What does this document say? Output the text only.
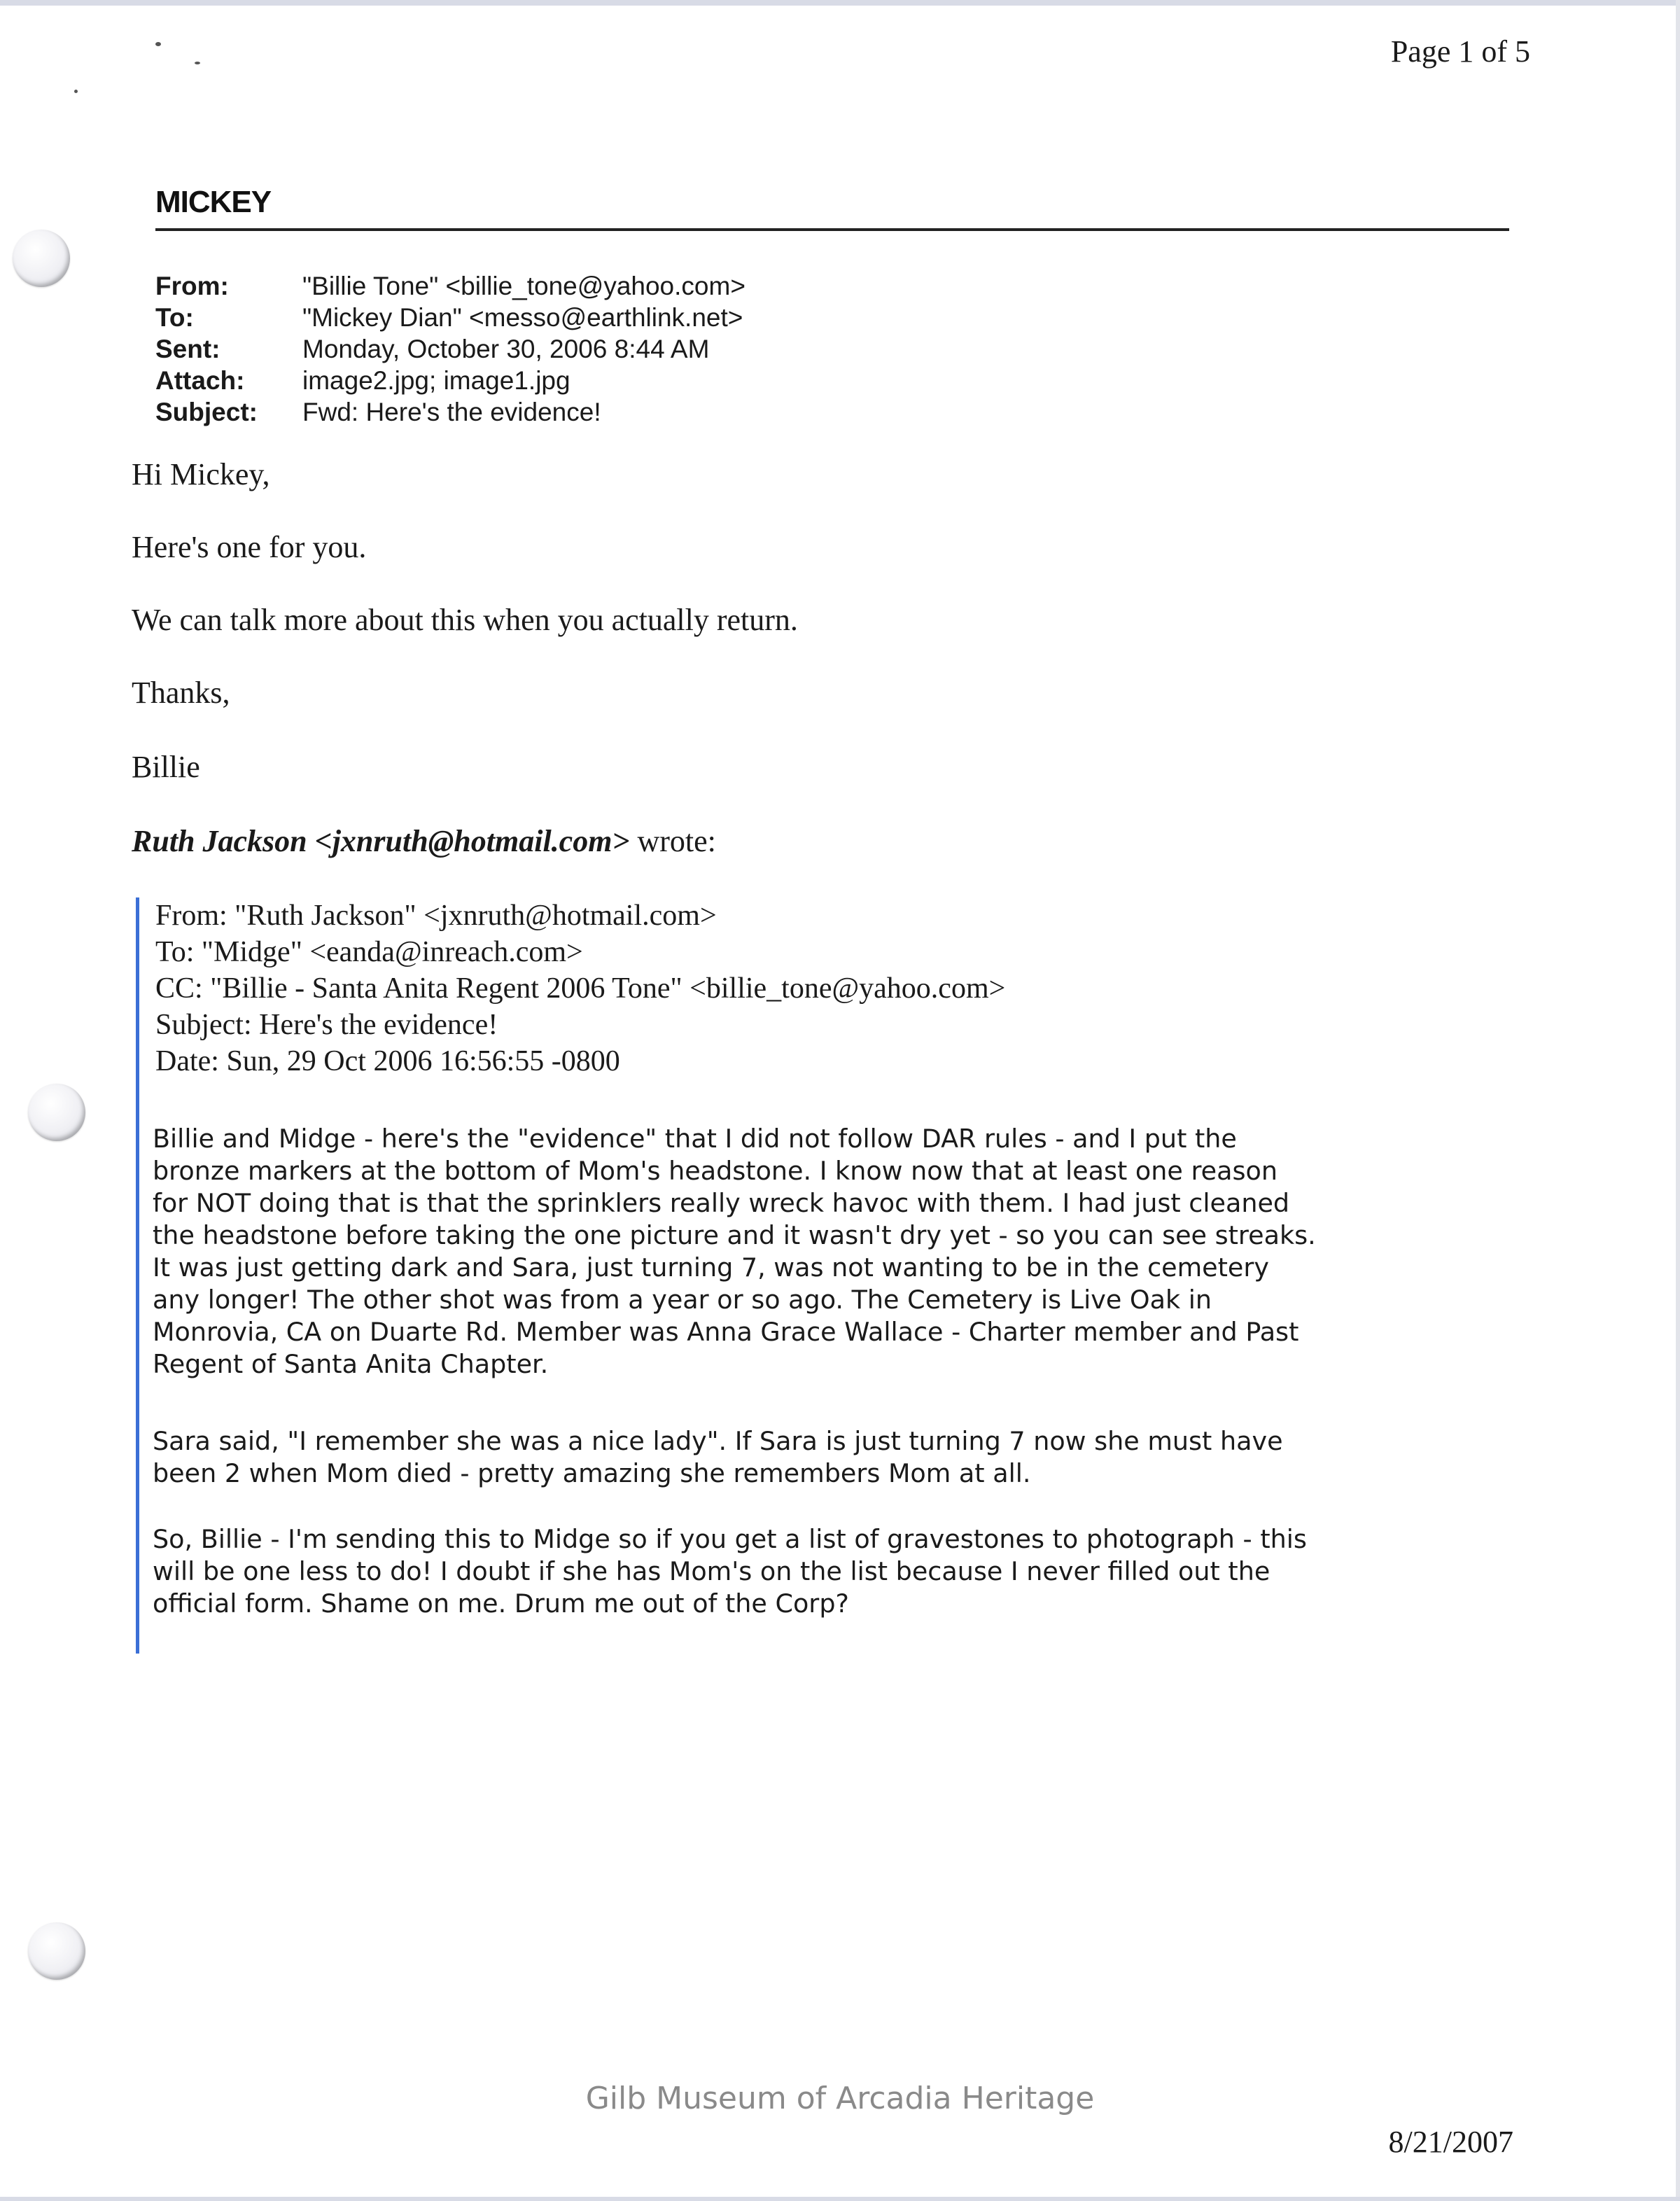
Page 1 of 5
MICKEY
From:	"Billie Tone" <billie_tone@yahoo.com>
To:	"Mickey Dian" <messo@earthlink.net>
Sent:	Monday, October 30, 2006 8:44 AM
Attach:	image2.jpg; image1.jpg
Subject:	Fwd: Here's the evidence!
Hi Mickey,
Here's one for you.
We can talk more about this when you actually return.
Thanks,
Billie
Ruth Jackson <jxnruth@hotmail.com> wrote:
From: "Ruth Jackson" <jxnruth@hotmail.com>
To: "Midge" <eanda@inreach.com>
CC: "Billie - Santa Anita Regent 2006 Tone" <billie_tone@yahoo.com>
Subject: Here's the evidence!
Date: Sun, 29 Oct 2006 16:56:55 -0800
Billie and Midge - here's the "evidence" that I did not follow DAR rules - and I put the
bronze markers at the bottom of Mom's headstone. I know now that at least one reason
for NOT doing that is that the sprinklers really wreck havoc with them. I had just cleaned
the headstone before taking the one picture and it wasn't dry yet - so you can see streaks.
It was just getting dark and Sara, just turning 7, was not wanting to be in the cemetery
any longer! The other shot was from a year or so ago. The Cemetery is Live Oak in
Monrovia, CA on Duarte Rd. Member was Anna Grace Wallace - Charter member and Past
Regent of Santa Anita Chapter.
Sara said, "I remember she was a nice lady". If Sara is just turning 7 now she must have
been 2 when Mom died - pretty amazing she remembers Mom at all.
So, Billie - I'm sending this to Midge so if you get a list of gravestones to photograph - this
will be one less to do! I doubt if she has Mom's on the list because I never filled out the
official form. Shame on me. Drum me out of the Corp?
Gilb Museum of Arcadia Heritage
8/21/2007
